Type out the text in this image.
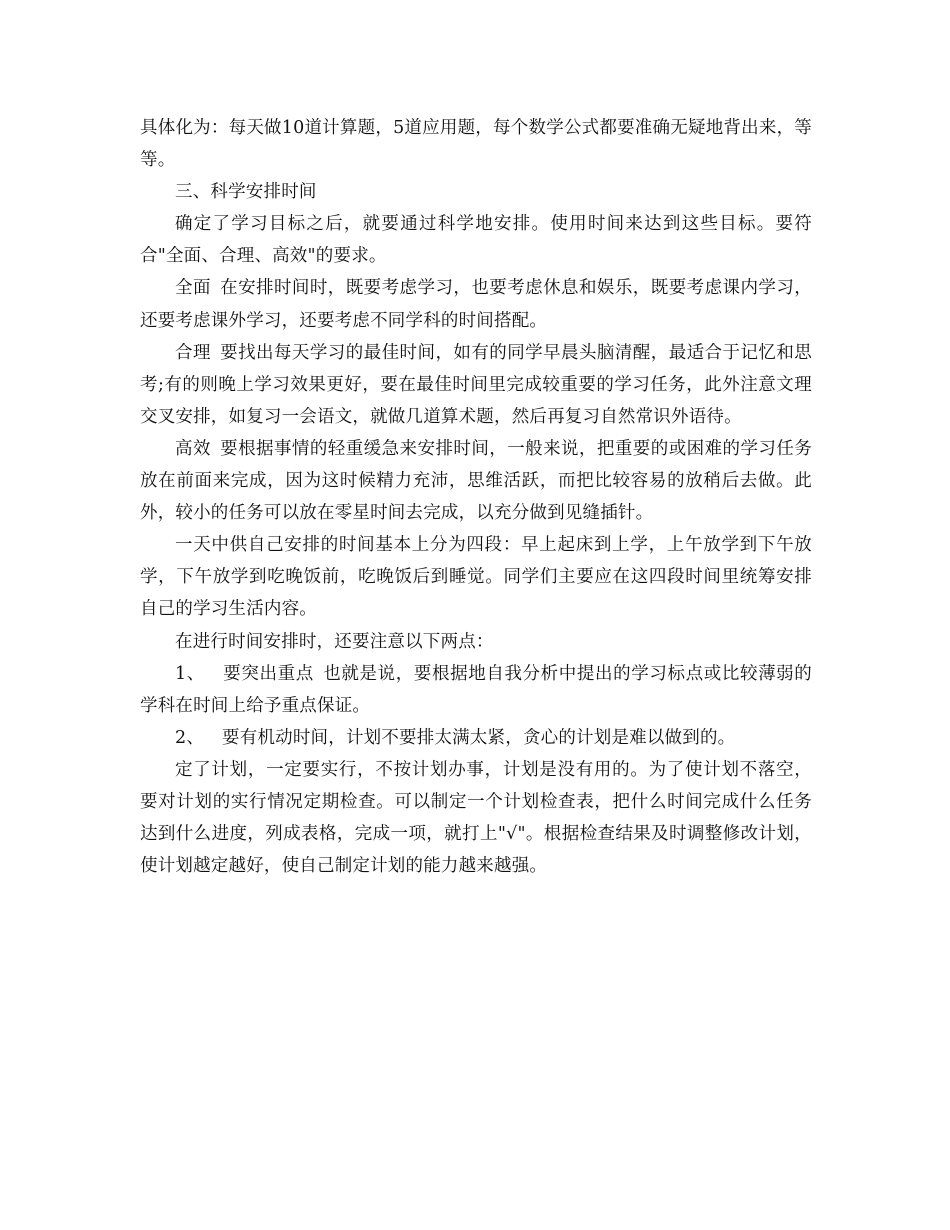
具体化为：每天做10道计算题，5道应用题，每个数学公式都要准确无疑地背出来，等等。

三、科学安排时间

确定了学习目标之后，就要通过科学地安排。使用时间来达到这些目标。要符合"全面、合理、高效"的要求。

全面 在安排时间时，既要考虑学习，也要考虑休息和娱乐，既要考虑课内学习，还要考虑课外学习，还要考虑不同学科的时间搭配。

合理 要找出每天学习的最佳时间，如有的同学早晨头脑清醒，最适合于记忆和思考;有的则晚上学习效果更好，要在最佳时间里完成较重要的学习任务，此外注意文理交叉安排，如复习一会语文，就做几道算术题，然后再复习自然常识外语待。

高效 要根据事情的轻重缓急来安排时间，一般来说，把重要的或困难的学习任务放在前面来完成，因为这时候精力充沛，思维活跃，而把比较容易的放稍后去做。此外，较小的任务可以放在零星时间去完成，以充分做到见缝插针。

一天中供自己安排的时间基本上分为四段：早上起床到上学，上午放学到下午放学，下午放学到吃晚饭前，吃晚饭后到睡觉。同学们主要应在这四段时间里统筹安排自己的学习生活内容。

在进行时间安排时，还要注意以下两点：

1、 要突出重点 也就是说，要根据地自我分析中提出的学习标点或比较薄弱的学科在时间上给予重点保证。

2、 要有机动时间，计划不要排太满太紧，贪心的计划是难以做到的。

定了计划，一定要实行，不按计划办事，计划是没有用的。为了使计划不落空，要对计划的实行情况定期检查。可以制定一个计划检查表，把什么时间完成什么任务达到什么进度，列成表格，完成一项，就打上"√"。根据检查结果及时调整修改计划，使计划越定越好，使自己制定计划的能力越来越强。
